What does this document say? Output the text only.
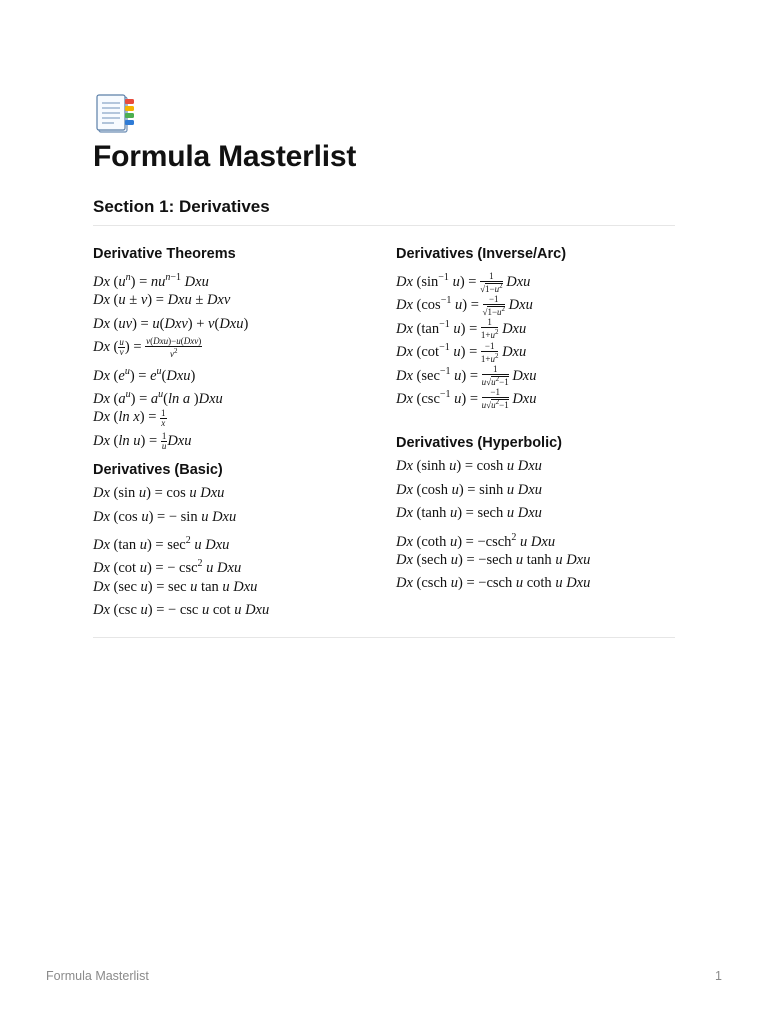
Formula Masterlist
Section 1: Derivatives
Derivative Theorems
Dx $(u^n) = nu^{n-1}$ Dxu
Dx (u ± v) = Dxu ± Dxv
Dx (uv) = u(Dxv) + v(Dxu)
Dx ( $\frac{u}{v}$ ) = v(Dxu)−u(Dxv)
$v^2$
Dx $(e^u) = e^u(Dxu)$
Dx $(a^u) = a^u(\ln$ a )Dxu
Dx (ln $x) = \frac{1}{x}$
Dx (ln $u) = \frac{1}{u}$ Dxu
Derivatives (Basic)
Dx (sin u) = cos u Dxu
Dx (cos u) = − sin u Dxu
Dx (tan $u) = \sec^2 u$ Dxu
Dx (cot u) = − $\csc^2 u$ Dxu
Dx (sec u) = sec u tan u Dxu
Dx (csc u) = − csc u cot u Dxu
Derivatives (Inverse/Arc)
Dx ($\sin^{-1}$ $u) = \frac{1}{√1-u^2}$ Dxu
Dx ($\cos^{-1}$ $u) = \frac{-1}{√1-u^2}$ Dxu
Dx ($\tan^{-1}$ $u) = \frac{1}{1+u^2}$ Dxu
Dx ($\cot^{-1}$ $u) = \frac{-1}{1+u^2}$ Dxu
Dx ($\sec^{-1}$ $u) = \frac{1}{u√u^2-1}$ Dxu
Dx ($\csc^{-1}$ $u) = \frac{-1}{u√u^2-1}$ Dxu
Derivatives (Hyperbolic)
Dx (sinh u) = cosh u Dxu
Dx (cosh u) = sinh u Dxu
Dx (tanh u) = sech u Dxu
Dx (coth u) = −csch$^2$ u Dxu
Dx (sech u) = −sech u tanh u Dxu
Dx (csch u) = −csch u coth u Dxu
Formula Masterlist	1
